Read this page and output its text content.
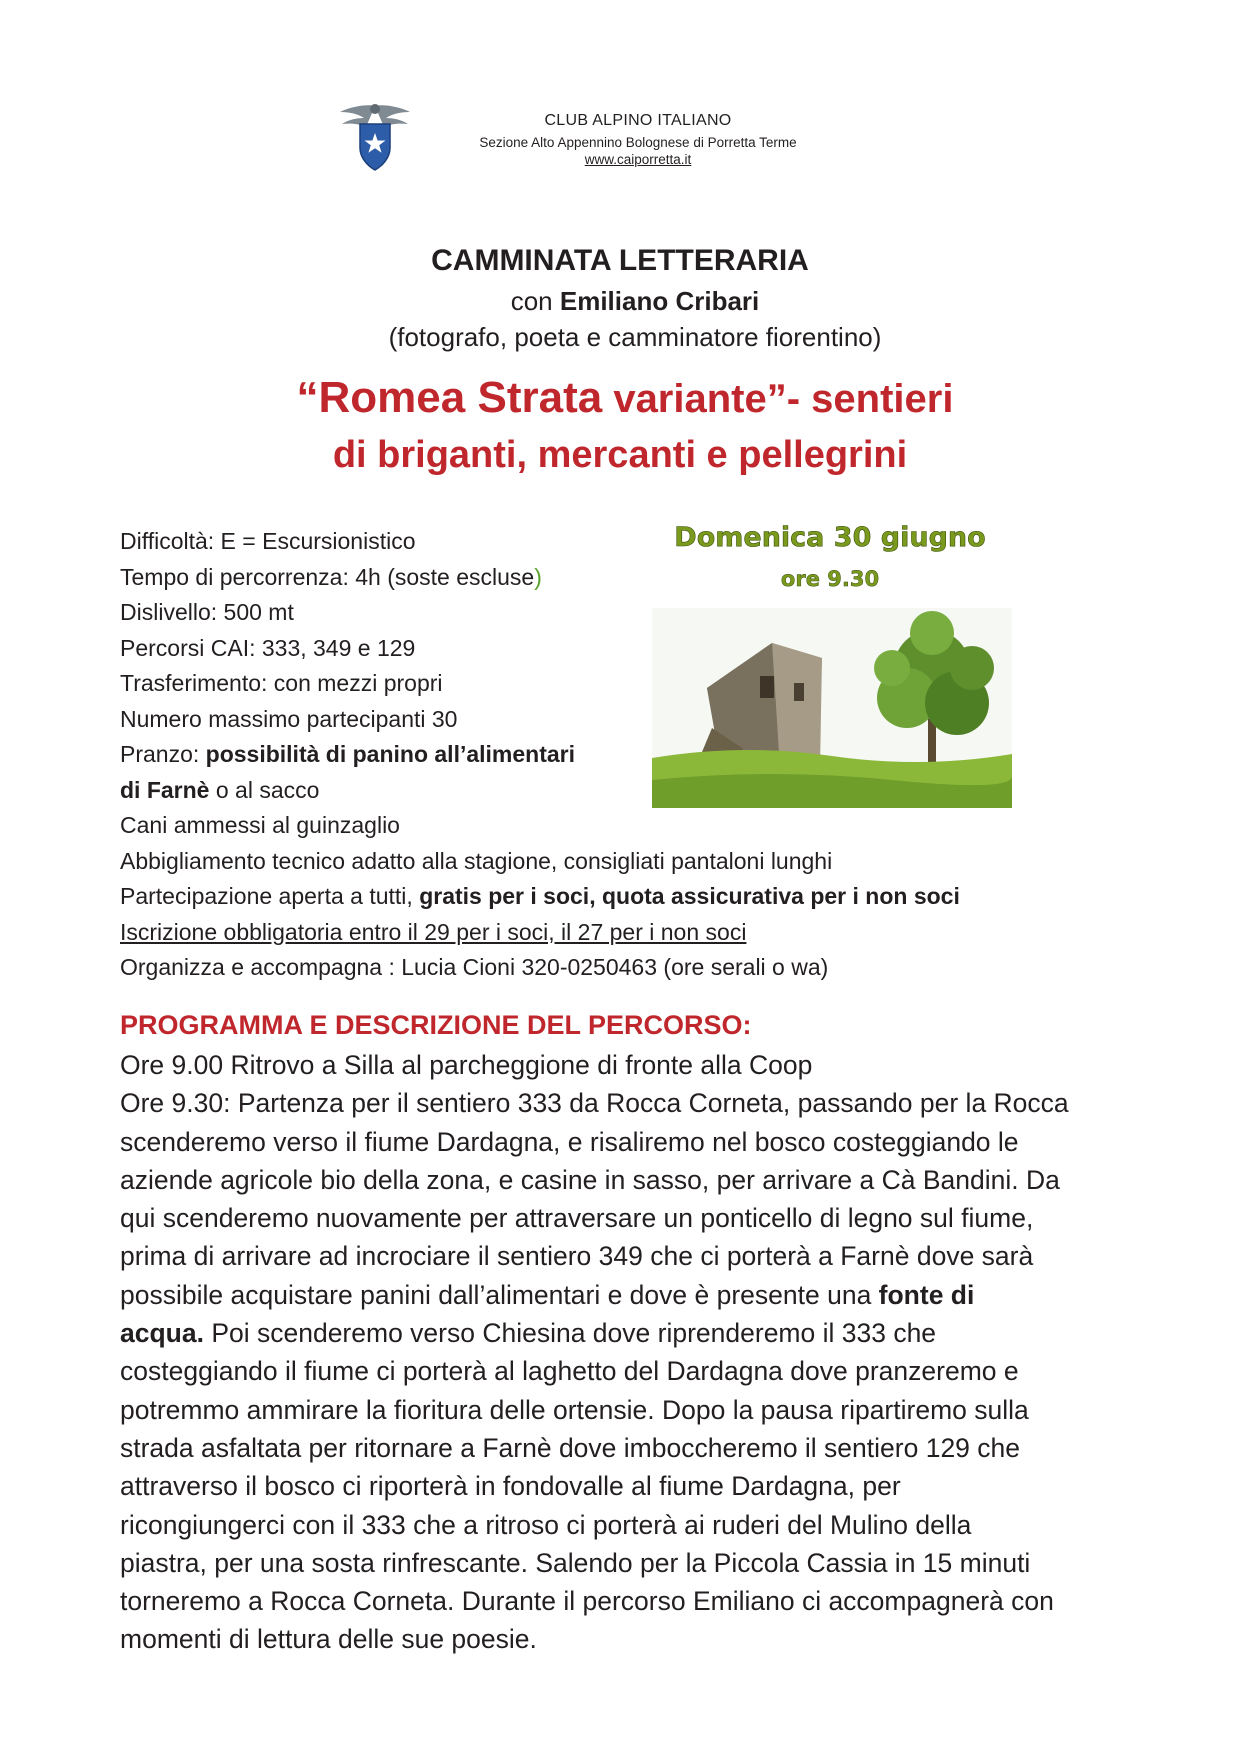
CLUB ALPINO ITALIANO
Sezione Alto Appennino Bolognese di Porretta Terme
www.caiporretta.it
CAMMINATA LETTERARIA
con Emiliano Cribari
(fotografo, poeta e camminatore fiorentino)
“Romea Strata variante”- sentieri
di briganti, mercanti e pellegrini
Domenica 30 giugno
ore 9.30
Difficoltà: E = Escursionistico
Tempo di percorrenza: 4h (soste escluse)
Dislivello: 500 mt
Percorsi CAI: 333, 349 e 129
Trasferimento: con mezzi propri
Numero massimo partecipanti 30
Pranzo: possibilità di panino all’alimentari
di Farnè o al sacco
Cani ammessi al guinzaglio
Abbigliamento tecnico adatto alla stagione, consigliati pantaloni lunghi
Partecipazione aperta a tutti, gratis per i soci, quota assicurativa per i non soci
Iscrizione obbligatoria entro il 29 per i soci, il 27 per i non soci
Organizza e accompagna : Lucia Cioni 320-0250463 (ore serali o wa)
PROGRAMMA E DESCRIZIONE DEL PERCORSO:

Ore 9.00 Ritrovo a Silla al parcheggione di fronte alla Coop

Ore 9.30: Partenza per il sentiero 333 da Rocca Corneta, passando per la Rocca

scenderemo verso il fiume Dardagna, e risaliremo nel bosco costeggiando le

aziende agricole bio della zona, e casine in sasso, per arrivare a Cà Bandini. Da

qui scenderemo nuovamente per attraversare un ponticello di legno sul fiume,

prima di arrivare ad incrociare il sentiero 349 che ci porterà a Farnè dove sarà

possibile acquistare panini dall’alimentari e dove è presente una fonte di

acqua. Poi scenderemo verso Chiesina dove riprenderemo il 333 che

costeggiando il fiume ci porterà al laghetto del Dardagna dove pranzeremo e

potremmo ammirare la fioritura delle ortensie. Dopo la pausa ripartiremo sulla

strada asfaltata per ritornare a Farnè dove imboccheremo il sentiero 129 che

attraverso il bosco ci riporterà in fondovalle al fiume Dardagna, per

ricongiungerci con il 333 che a ritroso ci porterà ai ruderi del Mulino della

piastra, per una sosta rinfrescante. Salendo per la Piccola Cassia in 15 minuti

torneremo a Rocca Corneta. Durante il percorso Emiliano ci accompagnerà con

momenti di lettura delle sue poesie.
